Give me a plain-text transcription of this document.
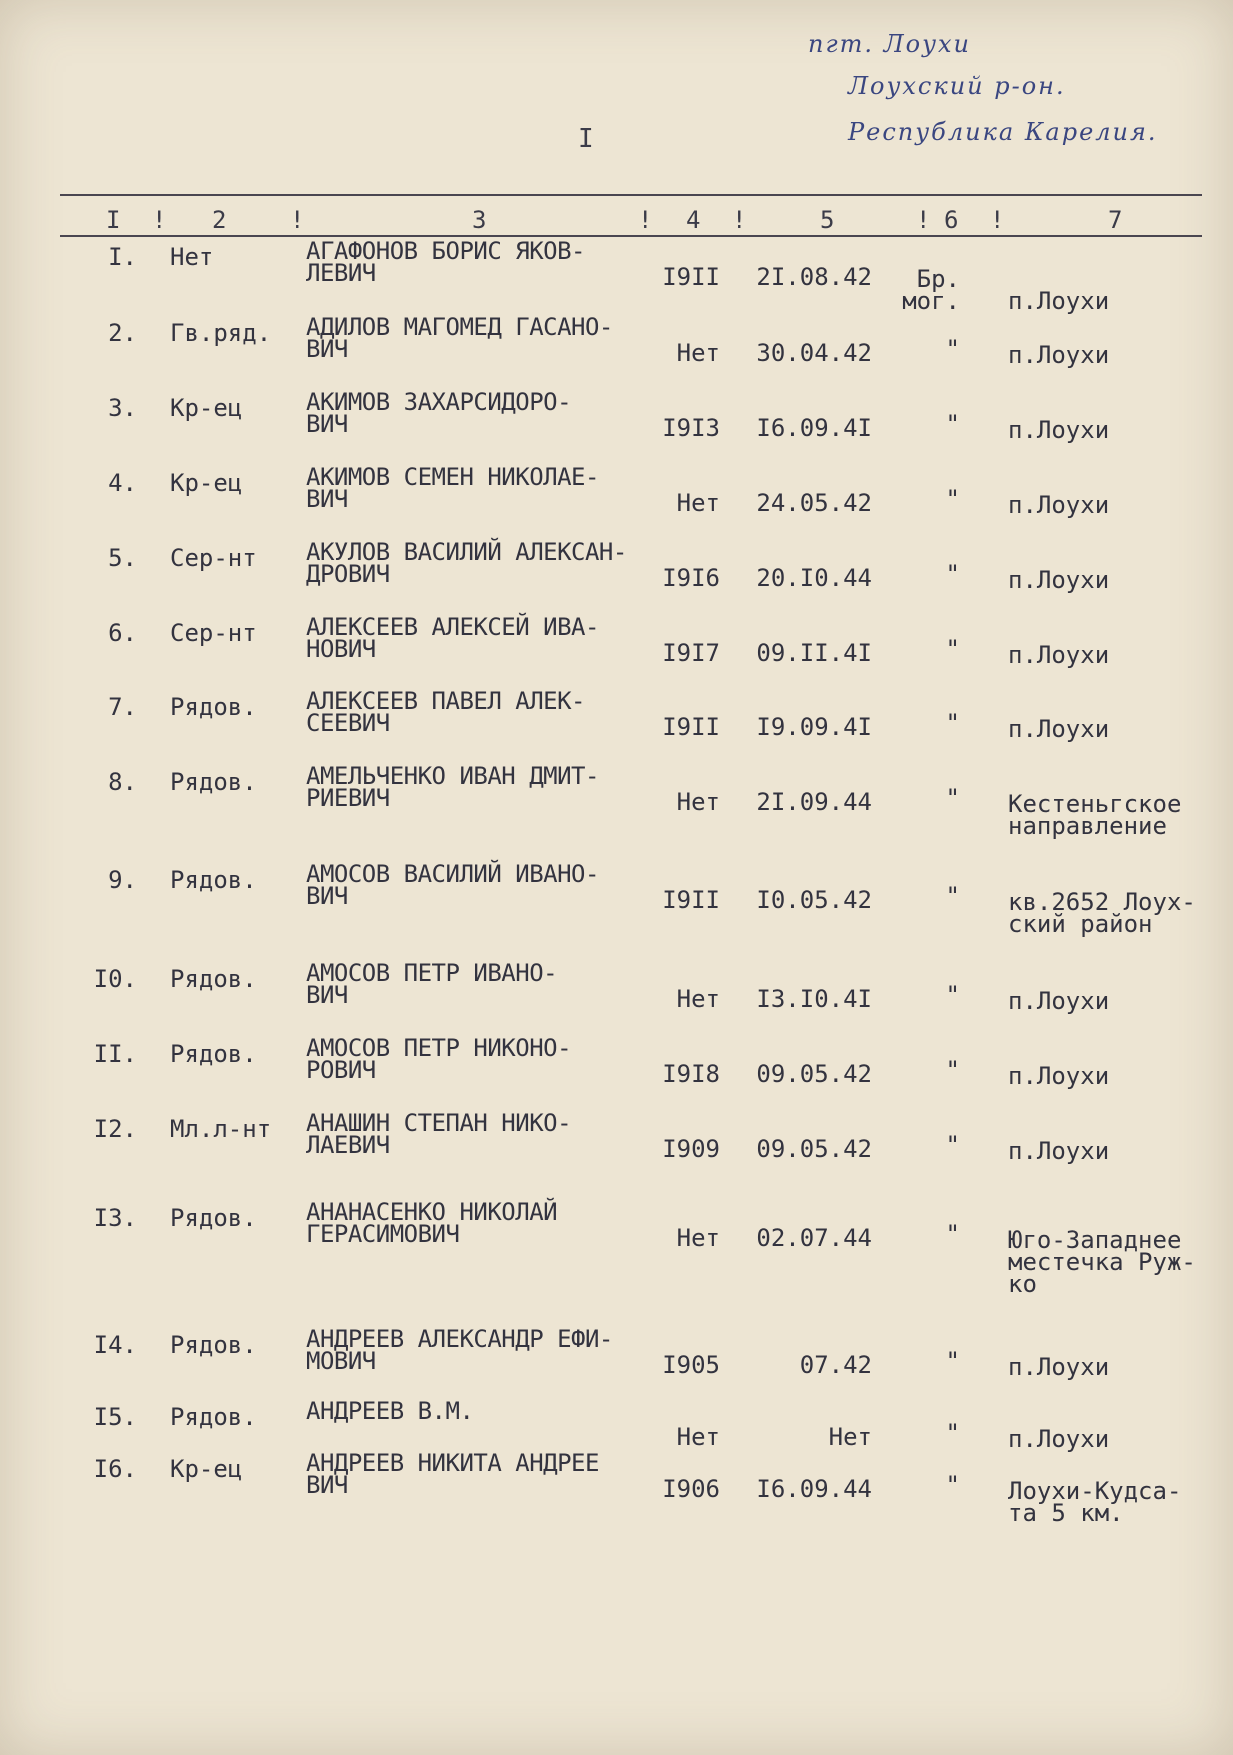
пгт. Лоухи
Лоухский р-он.
Республика Карелия.
I
I ! 2	!	3	! 4 !	5	! 6 !	7
I. Нет	АГАФОНОВ БОРИС ЯКОВ-
ЛЕВИЧ	I9II	2I.08.42	Бр.
мог. п.Лоухи
2. Гв.ряд.	АДИЛОВ МАГОМЕД ГАСАНО-
ВИЧ	Нет	30.04.42	" п.Лоухи
3. Кр-ец	АКИМОВ ЗАХАРСИДОРО-
ВИЧ	I9I3	I6.09.4I	" п.Лоухи
4. Кр-ец	АКИМОВ СЕМЕН НИКОЛАЕ-
ВИЧ	Нет	24.05.42	" п.Лоухи
5. Сер-нт	АКУЛОВ ВАСИЛИЙ АЛЕКСАН-
ДРОВИЧ	I9I6	20.I0.44	" п.Лоухи
6. Сер-нт	АЛЕКСЕЕВ АЛЕКСЕЙ ИВА-
НОВИЧ	I9I7	09.II.4I	" п.Лоухи
7. Рядов.	АЛЕКСЕЕВ ПАВЕЛ АЛЕК-
СЕЕВИЧ	I9II	I9.09.4I	" п.Лоухи
8. Рядов.	АМЕЛЬЧЕНКО ИВАН ДМИТ-
РИЕВИЧ	Нет	2I.09.44	" Кестеньгское
направление
9. Рядов.	АМОСОВ ВАСИЛИЙ ИВАНО-
ВИЧ	I9II	I0.05.42	" кв.2652 Лоух-
ский район
I0. Рядов.	АМОСОВ ПЕТР ИВАНО-
ВИЧ	Нет	I3.I0.4I	" п.Лоухи
II. Рядов.	АМОСОВ ПЕТР НИКОНО-
РОВИЧ	I9I8	09.05.42	" п.Лоухи
I2. Мл.л-нт	АНАШИН СТЕПАН НИКО-
ЛАЕВИЧ	I909	09.05.42	" п.Лоухи
I3. Рядов.	АНАНАСЕНКО НИКОЛАЙ
ГЕРАСИМОВИЧ	Нет	02.07.44	" Юго-Западнее
местечка Руж-
ко
I4. Рядов.	АНДРЕЕВ АЛЕКСАНДР ЕФИ-
МОВИЧ	I905	07.42	" п.Лоухи
I5. Рядов.	АНДРЕЕВ В.М.
Нет	Нет	" п.Лоухи
I6. Кр-ец	АНДРЕЕВ НИКИТА АНДРЕЕ
ВИЧ	I906	I6.09.44	" Лоухи-Кудса-
та 5 км.
